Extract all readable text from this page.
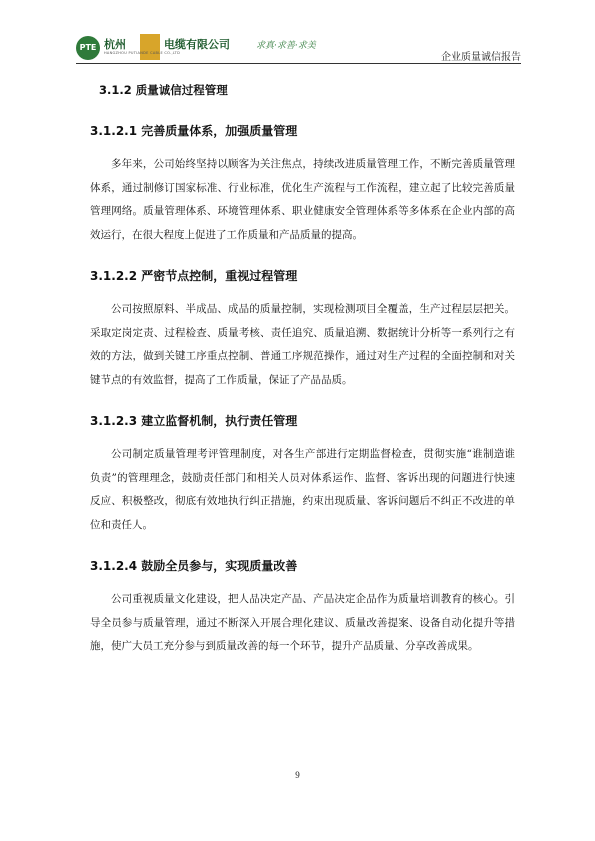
PTE 杭州	电缆有限公司
HANGZHOU PUTIANDE CABLE CO.,LTD
求真·求善·求美
企业质量诚信报告
3.1.2 质量诚信过程管理
3.1.2.1 完善质量体系，加强质量管理

多年来，公司始终坚持以顾客为关注焦点，持续改进质量管理工作，不断完善质量管理体系，通过制修订国家标准、行业标准，优化生产流程与工作流程，建立起了比较完善质量管理网络。质量管理体系、环境管理体系、职业健康安全管理体系等多体系在企业内部的高效运行，在很大程度上促进了工作质量和产品质量的提高。

3.1.2.2 严密节点控制，重视过程管理

公司按照原料、半成品、成品的质量控制，实现检测项目全覆盖，生产过程层层把关。采取定岗定责、过程检查、质量考核、责任追究、质量追溯、数据统计分析等一系列行之有效的方法，做到关键工序重点控制、普通工序规范操作，通过对生产过程的全面控制和对关键节点的有效监督，提高了工作质量，保证了产品品质。

3.1.2.3 建立监督机制，执行责任管理

公司制定质量管理考评管理制度，对各生产部进行定期监督检查，贯彻实施“谁制造谁负责”的管理理念，鼓励责任部门和相关人员对体系运作、监督、客诉出现的问题进行快速反应、积极整改，彻底有效地执行纠正措施，约束出现质量、客诉问题后不纠正不改进的单位和责任人。

3.1.2.4 鼓励全员参与，实现质量改善

公司重视质量文化建设，把人品决定产品、产品决定企品作为质量培训教育的核心。引导全员参与质量管理，通过不断深入开展合理化建议、质量改善提案、设备自动化提升等措施，使广大员工充分参与到质量改善的每一个环节，提升产品质量、分享改善成果。

9
